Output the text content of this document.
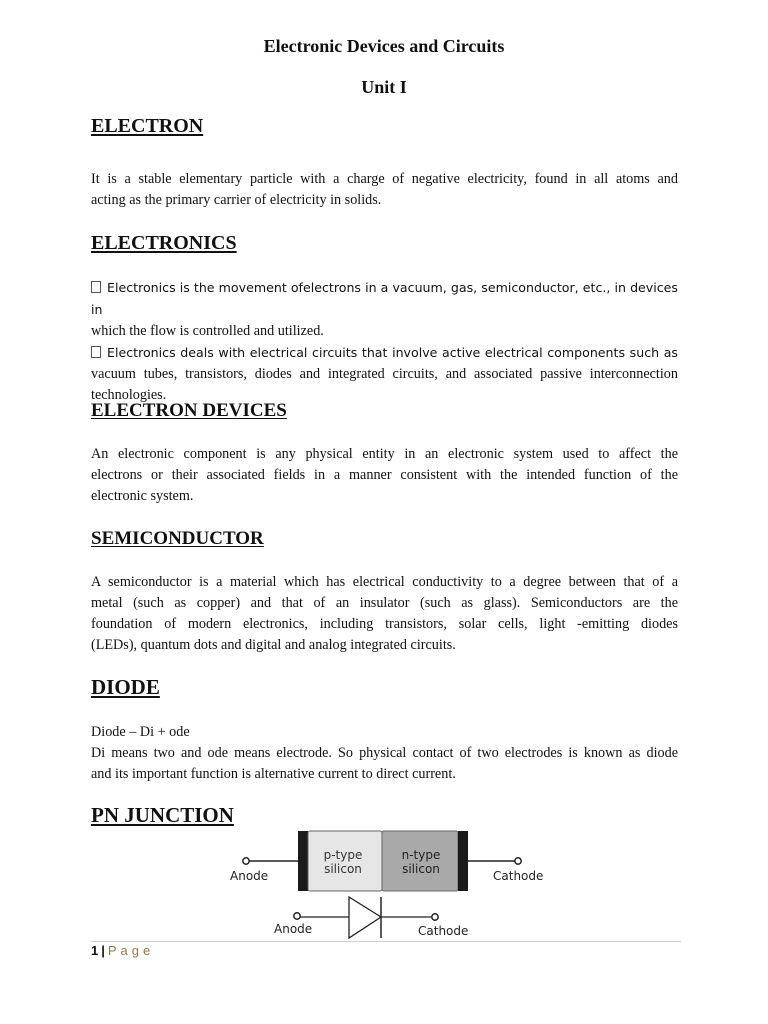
Electronic Devices and Circuits
Unit I
ELECTRON
It is a stable elementary particle with a charge of negative electricity, found in all atoms and
acting as the primary carrier of electricity in solids.
ELECTRONICS
Electronics is the movement ofelectrons in a vacuum, gas, semiconductor, etc., in devices in
which the flow is controlled and utilized.
Electronics deals with electrical circuits that involve active electrical components such as
vacuum tubes, transistors, diodes and integrated circuits, and associated passive interconnection
technologies.
ELECTRON DEVICES
An electronic component is any physical entity in an electronic system used to affect the
electrons or their associated fields in a manner consistent with the intended function of the
electronic system.
SEMICONDUCTOR
A semiconductor is a material which has electrical conductivity to a degree between that of a
metal (such as copper) and that of an insulator (such as glass). Semiconductors are the
foundation of modern electronics, including transistors, solar cells, light -emitting diodes
(LEDs), quantum dots and digital and analog integrated circuits.
DIODE
Diode – Di + ode
Di means two and ode means electrode. So physical contact of two electrodes is known as diode
and its important function is alternative current to direct current.
PN JUNCTION
p-type
silicon
n-type
silicon
Anode	Cathode
Anode	Cathode
1 | Page
